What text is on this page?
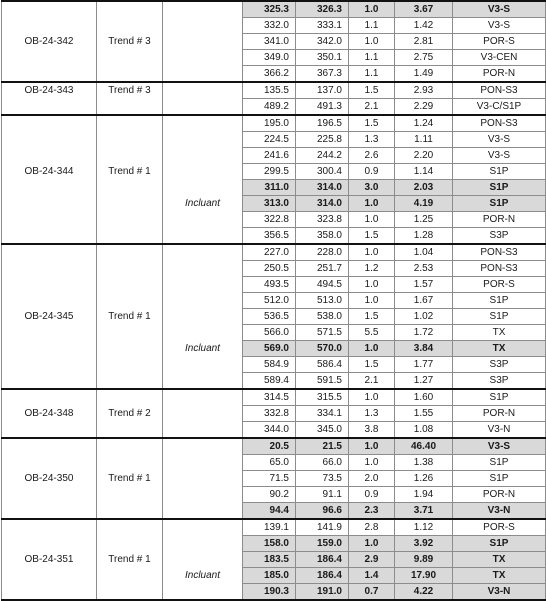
			325.3	326.3	1.0	3.67	V3-S
			332.0	333.1	1.1	1.42	V3-S
OB-24-342	Trend # 3		341.0	342.0	1.0	2.81	POR-S
			349.0	350.1	1.1	2.75	V3-CEN
			366.2	367.3	1.1	1.49	POR-N
OB-24-343	Trend # 3		135.5	137.0	1.5	2.93	PON-S3
			489.2	491.3	2.1	2.29	V3-C/S1P
			195.0	196.5	1.5	1.24	PON-S3
			224.5	225.8	1.3	1.11	V3-S
			241.6	244.2	2.6	2.20	V3-S
OB-24-344	Trend # 1		299.5	300.4	0.9	1.14	S1P
			311.0	314.0	3.0	2.03	S1P
		Incluant	313.0	314.0	1.0	4.19	S1P
			322.8	323.8	1.0	1.25	POR-N
			356.5	358.0	1.5	1.28	S3P
			227.0	228.0	1.0	1.04	PON-S3
			250.5	251.7	1.2	2.53	PON-S3
			493.5	494.5	1.0	1.57	POR-S
			512.0	513.0	1.0	1.67	S1P
OB-24-345	Trend # 1		536.5	538.0	1.5	1.02	S1P
			566.0	571.5	5.5	1.72	TX
		Incluant	569.0	570.0	1.0	3.84	TX
			584.9	586.4	1.5	1.77	S3P
			589.4	591.5	2.1	1.27	S3P
			314.5	315.5	1.0	1.60	S1P
OB-24-348	Trend # 2		332.8	334.1	1.3	1.55	POR-N
			344.0	345.0	3.8	1.08	V3-N
			20.5	21.5	1.0	46.40	V3-S
			65.0	66.0	1.0	1.38	S1P
OB-24-350	Trend # 1		71.5	73.5	2.0	1.26	S1P
			90.2	91.1	0.9	1.94	POR-N
			94.4	96.6	2.3	3.71	V3-N
			139.1	141.9	2.8	1.12	POR-S
			158.0	159.0	1.0	3.92	S1P
OB-24-351	Trend # 1		183.5	186.4	2.9	9.89	TX
		Incluant	185.0	186.4	1.4	17.90	TX
			190.3	191.0	0.7	4.22	V3-N
